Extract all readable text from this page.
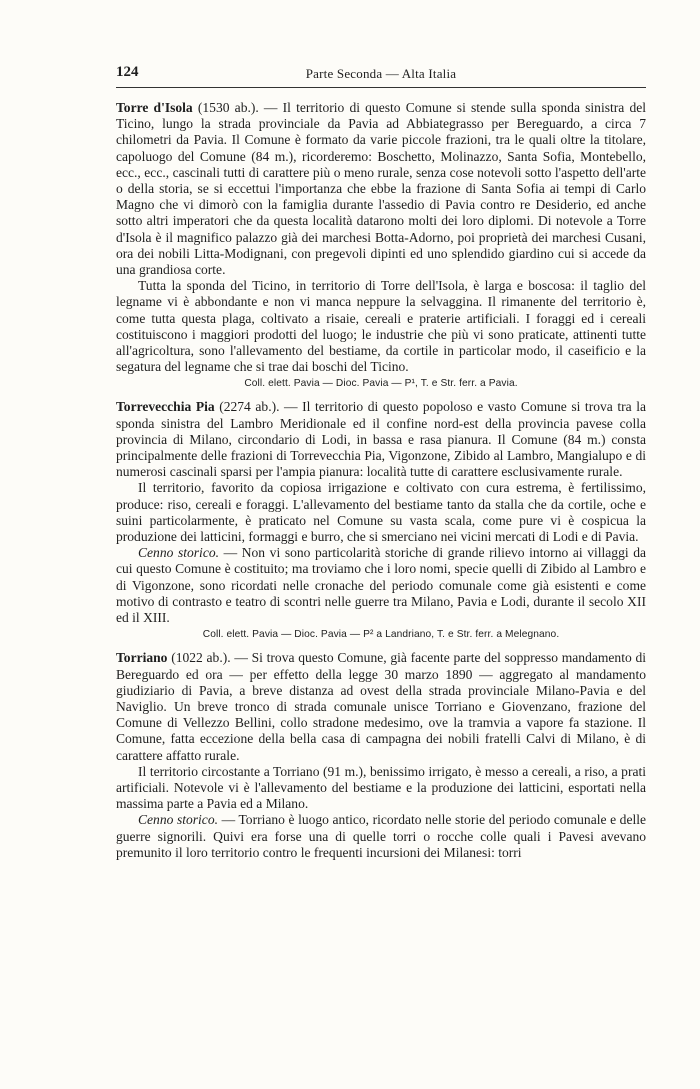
124	Parte Seconda — Alta Italia

Torre d'Isola (1530 ab.). — Il territorio di questo Comune si stende sulla sponda sinistra del Ticino, lungo la strada provinciale da Pavia ad Abbiategrasso per Bereguardo, a circa 7 chilometri da Pavia. Il Comune è formato da varie piccole frazioni, tra le quali oltre la titolare, capoluogo del Comune (84 m.), ricorderemo: Boschetto, Molinazzo, Santa Sofia, Montebello, ecc., ecc., cascinali tutti di carattere più o meno rurale, senza cose notevoli sotto l'aspetto dell'arte o della storia, se si eccettui l'importanza che ebbe la frazione di Santa Sofia ai tempi di Carlo Magno che vi dimorò con la famiglia durante l'assedio di Pavia contro re Desiderio, ed anche sotto altri imperatori che da questa località datarono molti dei loro diplomi. Di notevole a Torre d'Isola è il magnifico palazzo già dei marchesi Botta-Adorno, poi proprietà dei marchesi Cusani, ora dei nobili Litta-Modignani, con pregevoli dipinti ed uno splendido giardino cui si accede da una grandiosa corte.

Tutta la sponda del Ticino, in territorio di Torre dell'Isola, è larga e boscosa: il taglio del legname vi è abbondante e non vi manca neppure la selvaggina. Il rimanente del territorio è, come tutta questa plaga, coltivato a risaie, cereali e praterie artificiali. I foraggi ed i cereali costituiscono i maggiori prodotti del luogo; le industrie che più vi sono praticate, attinenti tutte all'agricoltura, sono l'allevamento del bestiame, da cortile in particolar modo, il caseificio e la segatura del legname che si trae dai boschi del Ticino.

Coll. elett. Pavia — Dioc. Pavia — P¹, T. e Str. ferr. a Pavia.

Torrevecchia Pia (2274 ab.). — Il territorio di questo popoloso e vasto Comune si trova tra la sponda sinistra del Lambro Meridionale ed il confine nord-est della provincia pavese colla provincia di Milano, circondario di Lodi, in bassa e rasa pianura. Il Comune (84 m.) consta principalmente delle frazioni di Torrevecchia Pia, Vigonzone, Zibido al Lambro, Mangialupo e di numerosi cascinali sparsi per l'ampia pianura: località tutte di carattere esclusivamente rurale.

Il territorio, favorito da copiosa irrigazione e coltivato con cura estrema, è fertilissimo, produce: riso, cereali e foraggi. L'allevamento del bestiame tanto da stalla che da cortile, oche e suini particolarmente, è praticato nel Comune su vasta scala, come pure vi è cospicua la produzione dei latticini, formaggi e burro, che si smerciano nei vicini mercati di Lodi e di Pavia.

Cenno storico. — Non vi sono particolarità storiche di grande rilievo intorno ai villaggi da cui questo Comune è costituito; ma troviamo che i loro nomi, specie quelli di Zibido al Lambro e di Vigonzone, sono ricordati nelle cronache del periodo comunale come già esistenti e come motivo di contrasto e teatro di scontri nelle guerre tra Milano, Pavia e Lodi, durante il secolo XII ed il XIII.

Coll. elett. Pavia — Dioc. Pavia — P² a Landriano, T. e Str. ferr. a Melegnano.

Torriano (1022 ab.). — Si trova questo Comune, già facente parte del soppresso mandamento di Bereguardo ed ora — per effetto della legge 30 marzo 1890 — aggregato al mandamento giudiziario di Pavia, a breve distanza ad ovest della strada provinciale Milano-Pavia e del Naviglio. Un breve tronco di strada comunale unisce Torriano e Giovenzano, frazione del Comune di Vellezzo Bellini, collo stradone medesimo, ove la tramvia a vapore fa stazione. Il Comune, fatta eccezione della bella casa di campagna dei nobili fratelli Calvi di Milano, è di carattere affatto rurale.

Il territorio circostante a Torriano (91 m.), benissimo irrigato, è messo a cereali, a riso, a prati artificiali. Notevole vi è l'allevamento del bestiame e la produzione dei latticini, esportati nella massima parte a Pavia ed a Milano.

Cenno storico. — Torriano è luogo antico, ricordato nelle storie del periodo comunale e delle guerre signorili. Quivi era forse una di quelle torri o rocche colle quali i Pavesi avevano premunito il loro territorio contro le frequenti incursioni dei Milanesi: torri
